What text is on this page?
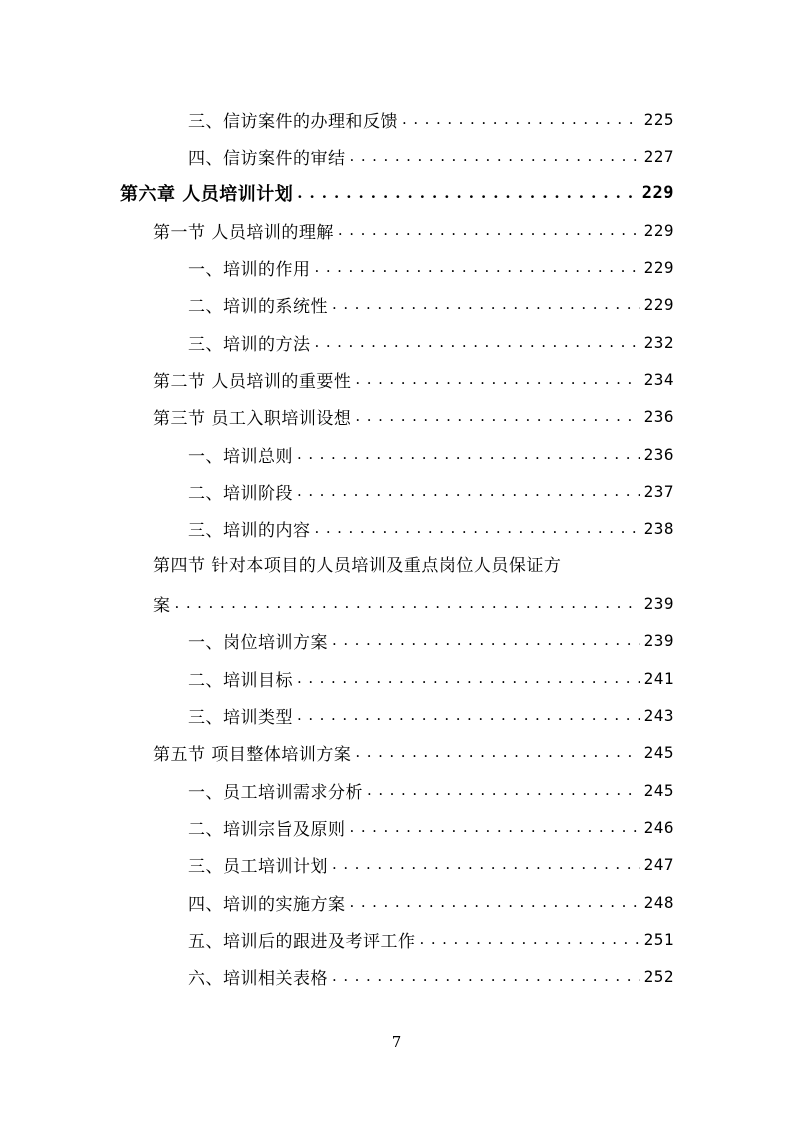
三、信访案件的办理和反馈 . . .	225
四、信访案件的审结 . . .	227
第六章 人员培训计划 . . .	229
第一节 人员培训的理解 . . .	229
一、培训的作用 . . .	229
二、培训的系统性 . . .	229
三、培训的方法 . . .	232
第二节 人员培训的重要性 . . .	234
第三节 员工入职培训设想 . . .	236
一、培训总则 . . .	236
二、培训阶段 . . .	237
三、培训的内容 . . .	238
第四节 针对本项目的人员培训及重点岗位人员保证方
案 . . .	239
一、岗位培训方案 . . .	239
二、培训目标 . . .	241
三、培训类型 . . .	243
第五节 项目整体培训方案 . . .	245
一、员工培训需求分析 . . .	245
二、培训宗旨及原则 . . .	246
三、员工培训计划 . . .	247
四、培训的实施方案 . . .	248
五、培训后的跟进及考评工作 . . .	251
六、培训相关表格 . . .	252
7
